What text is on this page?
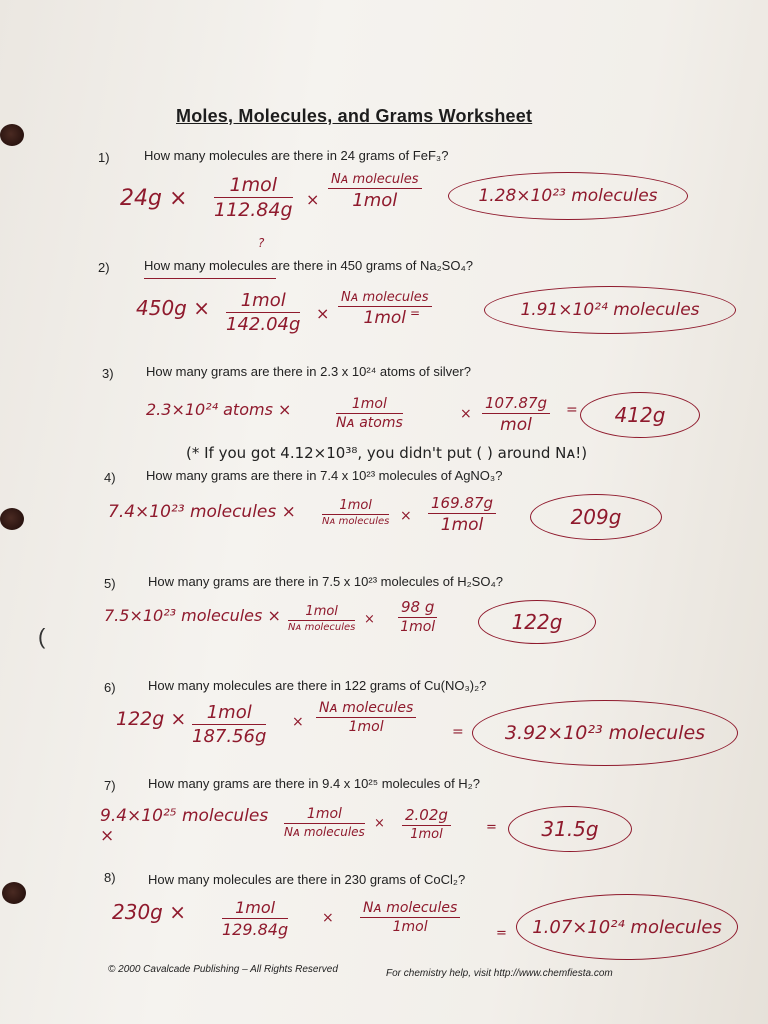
(
Moles, Molecules, and Grams Worksheet
1)	How many molecules are there in 24 grams of FeF₃?
24g ×
1mol
112.84g ×
Nᴀ molecules
1mol
?
1.28×10²³ molecules
2)	How many molecules are there in 450 grams of Na₂SO₄?
450g ×	1mol
142.04g
×
Nᴀ molecules
1mol =	1.91×10²⁴ molecules
3)	How many grams are there in 2.3 x 10²⁴ atoms of silver?
2.3×10²⁴ atoms ×	1mol
Nᴀ atoms
×
107.87g
mol
=	412g
(* If you got 4.12×10³⁸, you didn't put ( ) around Nᴀ!)
4)	How many grams are there in 7.4 x 10²³ molecules of AgNO₃?
7.4×10²³ molecules ×	1mol
Nᴀ molecules ×
169.87g
1mol	209g
5)	How many grams are there in 7.5 x 10²³ molecules of H₂SO₄?
7.5×10²³ molecules ×	1mol
Nᴀ molecules
×
98 g
1mol	122g
6)	How many molecules are there in 122 grams of Cu(NO₃)₂?
122g ×	1mol
187.56g
×
Nᴀ molecules
1mol	=	3.92×10²³ molecules
7)	How many grams are there in 9.4 x 10²⁵ molecules of H₂?
9.4×10²⁵ molecules ×
1mol
Nᴀ molecules
× 2.02g
1mol	=	31.5g
8)	How many molecules are there in 230 grams of CoCl₂?
230g ×	1mol
129.84g
×
Nᴀ molecules
1mol	=	1.07×10²⁴ molecules
© 2000 Cavalcade Publishing – All Rights Reserved	For chemistry help, visit http://www.chemfiesta.com
